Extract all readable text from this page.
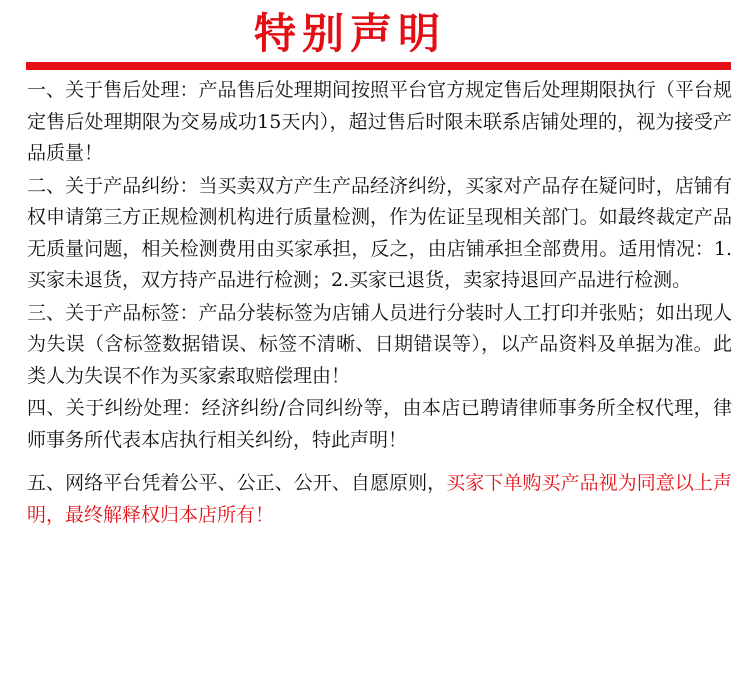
特别声明

一、关于售后处理：产品售后处理期间按照平台官方规定售后处理期限执行（平台规定售后处理期限为交易成功15天内），超过售后时限未联系店铺处理的，视为接受产品质量！

二、关于产品纠纷：当买卖双方产生产品经济纠纷，买家对产品存在疑问时，店铺有权申请第三方正规检测机构进行质量检测，作为佐证呈现相关部门。如最终裁定产品无质量问题，相关检测费用由买家承担，反之，由店铺承担全部费用。适用情况：1.买家未退货，双方持产品进行检测；2.买家已退货，卖家持退回产品进行检测。

三、关于产品标签：产品分装标签为店铺人员进行分装时人工打印并张贴；如出现人为失误（含标签数据错误、标签不清晰、日期错误等），以产品资料及单据为准。此类人为失误不作为买家索取赔偿理由！

四、关于纠纷处理：经济纠纷/合同纠纷等，由本店已聘请律师事务所全权代理，律师事务所代表本店执行相关纠纷，特此声明！

五、网络平台凭着公平、公正、公开、自愿原则，买家下单购买产品视为同意以上声明，最终解释权归本店所有！
